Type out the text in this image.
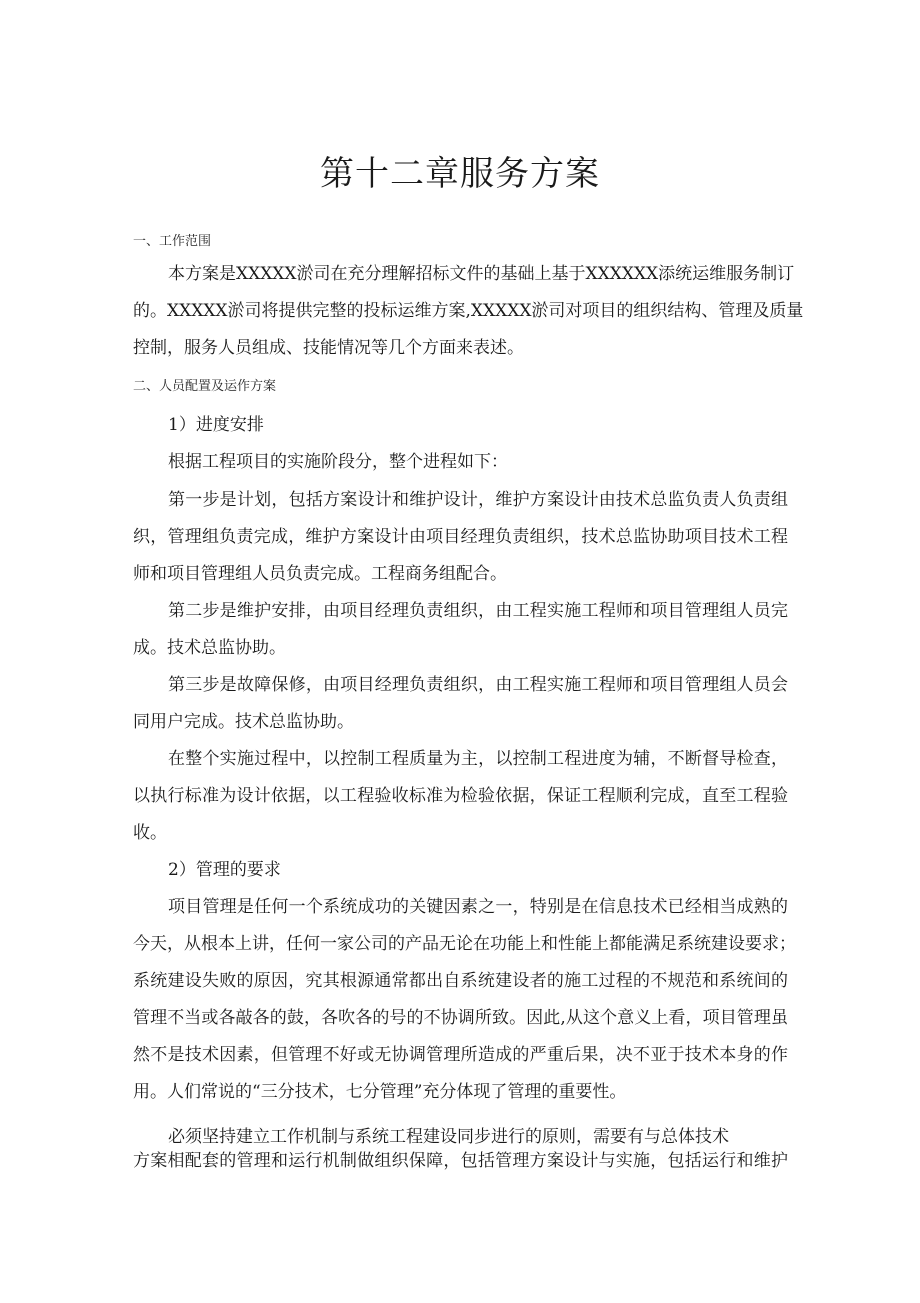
第十二章服务方案
一、工作范围
本方案是XXXXX淤司在充分理解招标文件的基础上基于XXXXXX添统运维服务制订
的。XXXXX淤司将提供完整的投标运维方案,XXXXX淤司对项目的组织结构、管理及质量
控制，服务人员组成、技能情况等几个方面来表述。
二、人员配置及运作方案
1）进度安排
根据工程项目的实施阶段分，整个进程如下：
第一步是计划，包括方案设计和维护设计，维护方案设计由技术总监负责人负责组
织，管理组负责完成，维护方案设计由项目经理负责组织，技术总监协助项目技术工程
师和项目管理组人员负责完成。工程商务组配合。
第二步是维护安排，由项目经理负责组织，由工程实施工程师和项目管理组人员完
成。技术总监协助。
第三步是故障保修，由项目经理负责组织，由工程实施工程师和项目管理组人员会
同用户完成。技术总监协助。
在整个实施过程中，以控制工程质量为主，以控制工程进度为辅，不断督导检查，
以执行标准为设计依据，以工程验收标准为检验依据，保证工程顺利完成，直至工程验
收。
2）管理的要求
项目管理是任何一个系统成功的关键因素之一，特别是在信息技术已经相当成熟的
今天，从根本上讲，任何一家公司的产品无论在功能上和性能上都能满足系统建设要求；
系统建设失败的原因，究其根源通常都出自系统建设者的施工过程的不规范和系统间的
管理不当或各敲各的鼓，各吹各的号的不协调所致。因此,从这个意义上看，项目管理虽
然不是技术因素，但管理不好或无协调管理所造成的严重后果，决不亚于技术本身的作
用。人们常说的“三分技术，七分管理”充分体现了管理的重要性。
必须坚持建立工作机制与系统工程建设同步进行的原则，需要有与总体技术
方案相配套的管理和运行机制做组织保障，包括管理方案设计与实施，包括运行和维护
